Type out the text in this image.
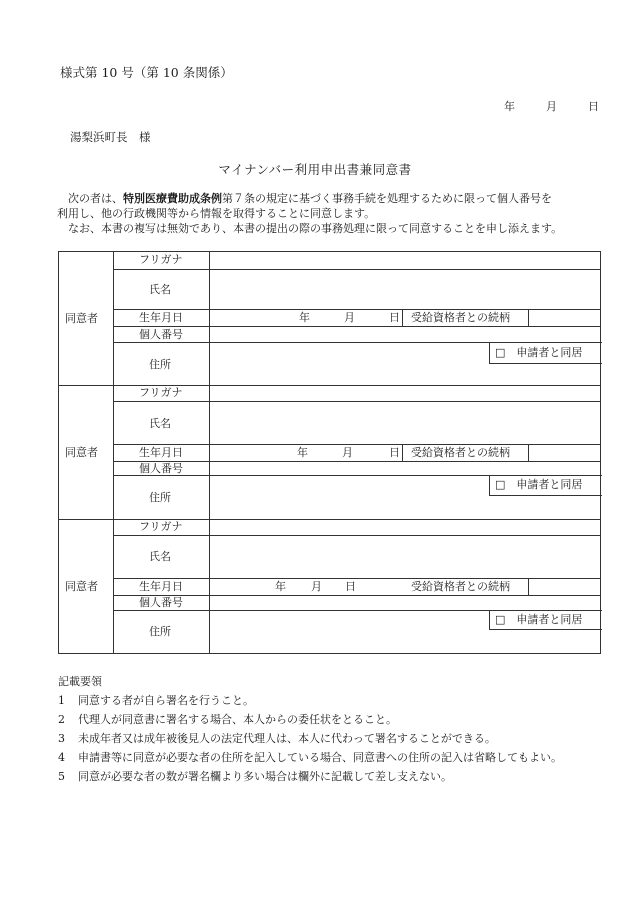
様式第 10 号（第 10 条関係）
年	月	日
湯梨浜町長　様
マイナンバー利用申出書兼同意書

次の者は、特別医療費助成条例第７条の規定に基づく事務手続を処理するために限って個人番号を

利用し、他の行政機関等から情報を取得することに同意します。

なお、本書の複写は無効であり、本書の提出の際の事務処理に限って同意することを申し添えます。

同意者
フリガナ
氏名
生年月日	年	月	日 受給資格者との続柄
個人番号
住所
□　申請者と同居
同意者
フリガナ
氏名
生年月日	年	月	日 受給資格者との続柄
個人番号
住所
□　申請者と同居
同意者
フリガナ
氏名
生年月日	年 月 日	受給資格者との続柄
個人番号
住所
□　申請者と同居
記載要領
1 同意する者が自ら署名を行うこと。
2 代理人が同意書に署名する場合、本人からの委任状をとること。
3 未成年者又は成年被後見人の法定代理人は、本人に代わって署名することができる。
4 申請書等に同意が必要な者の住所を記入している場合、同意書への住所の記入は省略してもよい。
5 同意が必要な者の数が署名欄より多い場合は欄外に記載して差し支えない。
